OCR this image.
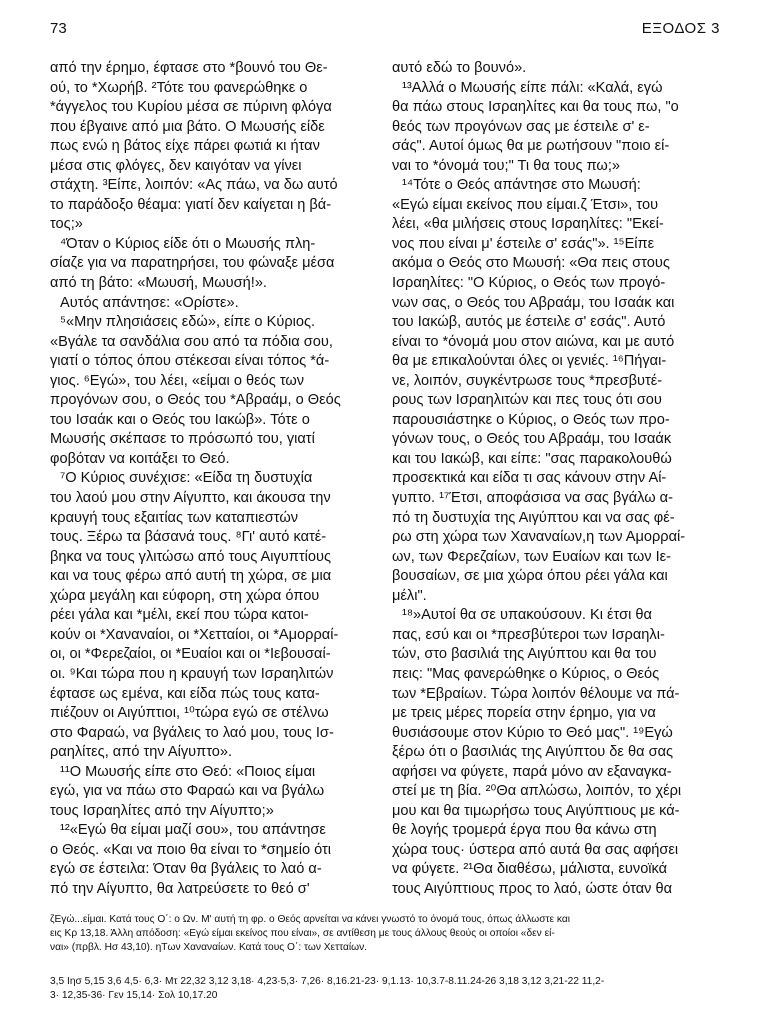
73	ΕΞΟΔΟΣ 3

από την έρημο, έφτασε στο *βουνό του Θε-

ού, το *Χωρήβ. ²Τότε του φανερώθηκε ο

*άγγελος του Κυρίου μέσα σε πύρινη φλόγα

που έβγαινε από μια βάτο. Ο Μωυσής είδε

πως ενώ η βάτος είχε πάρει φωτιά κι ήταν

μέσα στις φλόγες, δεν καιγόταν να γίνει

στάχτη. ³Είπε, λοιπόν: «Ας πάω, να δω αυτό

το παράδοξο θέαμα: γιατί δεν καίγεται η βά-

τος;»

⁴Όταν ο Κύριος είδε ότι ο Μωυσής πλη-

σίαζε για να παρατηρήσει, του φώναξε μέσα

από τη βάτο: «Μωυσή, Μωυσή!».

Αυτός απάντησε: «Ορίστε».

⁵«Μην πλησιάσεις εδώ», είπε ο Κύριος.

«Βγάλε τα σανδάλια σου από τα πόδια σου,

γιατί ο τόπος όπου στέκεσαι είναι τόπος *ά-

γιος. ⁶Εγώ», του λέει, «είμαι ο θεός των

προγόνων σου, ο Θεός του *Αβραάμ, ο Θεός

του Ισαάκ και ο Θεός του Ιακώβ». Τότε ο

Μωυσής σκέπασε το πρόσωπό του, γιατί

φοβόταν να κοιτάξει το Θεό.

⁷Ο Κύριος συνέχισε: «Είδα τη δυστυχία

του λαού μου στην Αίγυπτο, και άκουσα την

κραυγή τους εξαιτίας των καταπιεστών

τους. Ξέρω τα βάσανά τους. ⁸Γι' αυτό κατέ-

βηκα να τους γλιτώσω από τους Αιγυπτίους

και να τους φέρω από αυτή τη χώρα, σε μια

χώρα μεγάλη και εύφορη, στη χώρα όπου

ρέει γάλα και *μέλι, εκεί που τώρα κατοι-

κούν οι *Χαναναίοι, οι *Χετταίοι, οι *Αμορραί-

οι, οι *Φερεζαίοι, οι *Ευαίοι και οι *Ιεβουσαί-

οι. ⁹Και τώρα που η κραυγή των Ισραηλιτών

έφτασε ως εμένα, και είδα πώς τους κατα-

πιέζουν οι Αιγύπτιοι, ¹⁰τώρα εγώ σε στέλνω

στο Φαραώ, να βγάλεις το λαό μου, τους Ισ-

ραηλίτες, από την Αίγυπτο».

¹¹Ο Μωυσής είπε στο Θεό: «Ποιος είμαι

εγώ, για να πάω στο Φαραώ και να βγάλω

τους Ισραηλίτες από την Αίγυπτο;»

¹²«Εγώ θα είμαι μαζί σου», του απάντησε

ο Θεός. «Και να ποιο θα είναι το *σημείο ότι

εγώ σε έστειλα: Όταν θα βγάλεις το λαό α-

πό την Αίγυπτο, θα λατρεύσετε το θεό σ'

αυτό εδώ το βουνό».

¹³Αλλά ο Μωυσής είπε πάλι: «Καλά, εγώ

θα πάω στους Ισραηλίτες και θα τους πω, "ο

θεός των προγόνων σας με έστειλε σ' ε-

σάς". Αυτοί όμως θα με ρωτήσουν "ποιο εί-

ναι το *όνομά του;" Τι θα τους πω;»

¹⁴Τότε ο Θεός απάντησε στο Μωυσή:

«Εγώ είμαι εκείνος που είμαι.ζ Έτσι», του

λέει, «θα μιλήσεις στους Ισραηλίτες: "Εκεί-

νος που είναι μ' έστειλε σ' εσάς"». ¹⁵Είπε

ακόμα ο Θεός στο Μωυσή: «Θα πεις στους

Ισραηλίτες: "Ο Κύριος, ο Θεός των προγό-

νων σας, ο Θεός του Αβραάμ, του Ισαάκ και

του Ιακώβ, αυτός με έστειλε σ' εσάς". Αυτό

είναι το *όνομά μου στον αιώνα, και με αυτό

θα με επικαλούνται όλες οι γενιές. ¹⁶Πήγαι-

νε, λοιπόν, συγκέντρωσε τους *πρεσβυτέ-

ρους των Ισραηλιτών και πες τους ότι σου

παρουσιάστηκε ο Κύριος, ο Θεός των προ-

γόνων τους, ο Θεός του Αβραάμ, του Ισαάκ

και του Ιακώβ, και είπε: "σας παρακολουθώ

προσεκτικά και είδα τι σας κάνουν στην Αί-

γυπτο. ¹⁷Έτσι, αποφάσισα να σας βγάλω α-

πό τη δυστυχία της Αιγύπτου και να σας φέ-

ρω στη χώρα των Χαναναίων,η των Αμορραί-

ων, των Φερεζαίων, των Ευαίων και των Ιε-

βουσαίων, σε μια χώρα όπου ρέει γάλα και

μέλι".

¹⁸»Αυτοί θα σε υπακούσουν. Κι έτσι θα

πας, εσύ και οι *πρεσβύτεροι των Ισραηλι-

τών, στο βασιλιά της Αιγύπτου και θα του

πεις: "Μας φανερώθηκε ο Κύριος, ο Θεός

των *Εβραίων. Τώρα λοιπόν θέλουμε να πά-

με τρεις μέρες πορεία στην έρημο, για να

θυσιάσουμε στον Κύριο το Θεό μας". ¹⁹Εγώ

ξέρω ότι ο βασιλιάς της Αιγύπτου δε θα σας

αφήσει να φύγετε, παρά μόνο αν εξαναγκα-

στεί με τη βία. ²⁰Θα απλώσω, λοιπόν, το χέρι

μου και θα τιμωρήσω τους Αιγύπτιους με κά-

θε λογής τρομερά έργα που θα κάνω στη

χώρα τους· ύστερα από αυτά θα σας αφήσει

να φύγετε. ²¹Θα διαθέσω, μάλιστα, ευνοϊκά

τους Αιγύπτιους προς το λαό, ώστε όταν θα

ζΕγώ...είμαι. Κατά τους Ο΄: ο Ων. Μ' αυτή τη φρ. ο Θεός αρνείται να κάνει γνωστό το όνομά τους, όπως άλλωστε και

εις Κρ 13,18. Άλλη απόδοση: «Εγώ είμαι εκείνος που είναι», σε αντίθεση με τους άλλους θεούς οι οποίοι «δεν εί-

ναι» (πρβλ. Ησ 43,10). ηΤων Χαναναίων. Κατά τους Ο΄: των Χετταίων.

3,5 Ιησ 5,15 3,6 4,5· 6,3· Μτ 22,32 3,12 3,18· 4,23·5,3· 7,26· 8,16.21-23· 9,1.13· 10,3.7-8.11.24-26 3,18 3,12 3,21-22 11,2-

3· 12,35-36· Γεν 15,14· Σολ 10,17.20
